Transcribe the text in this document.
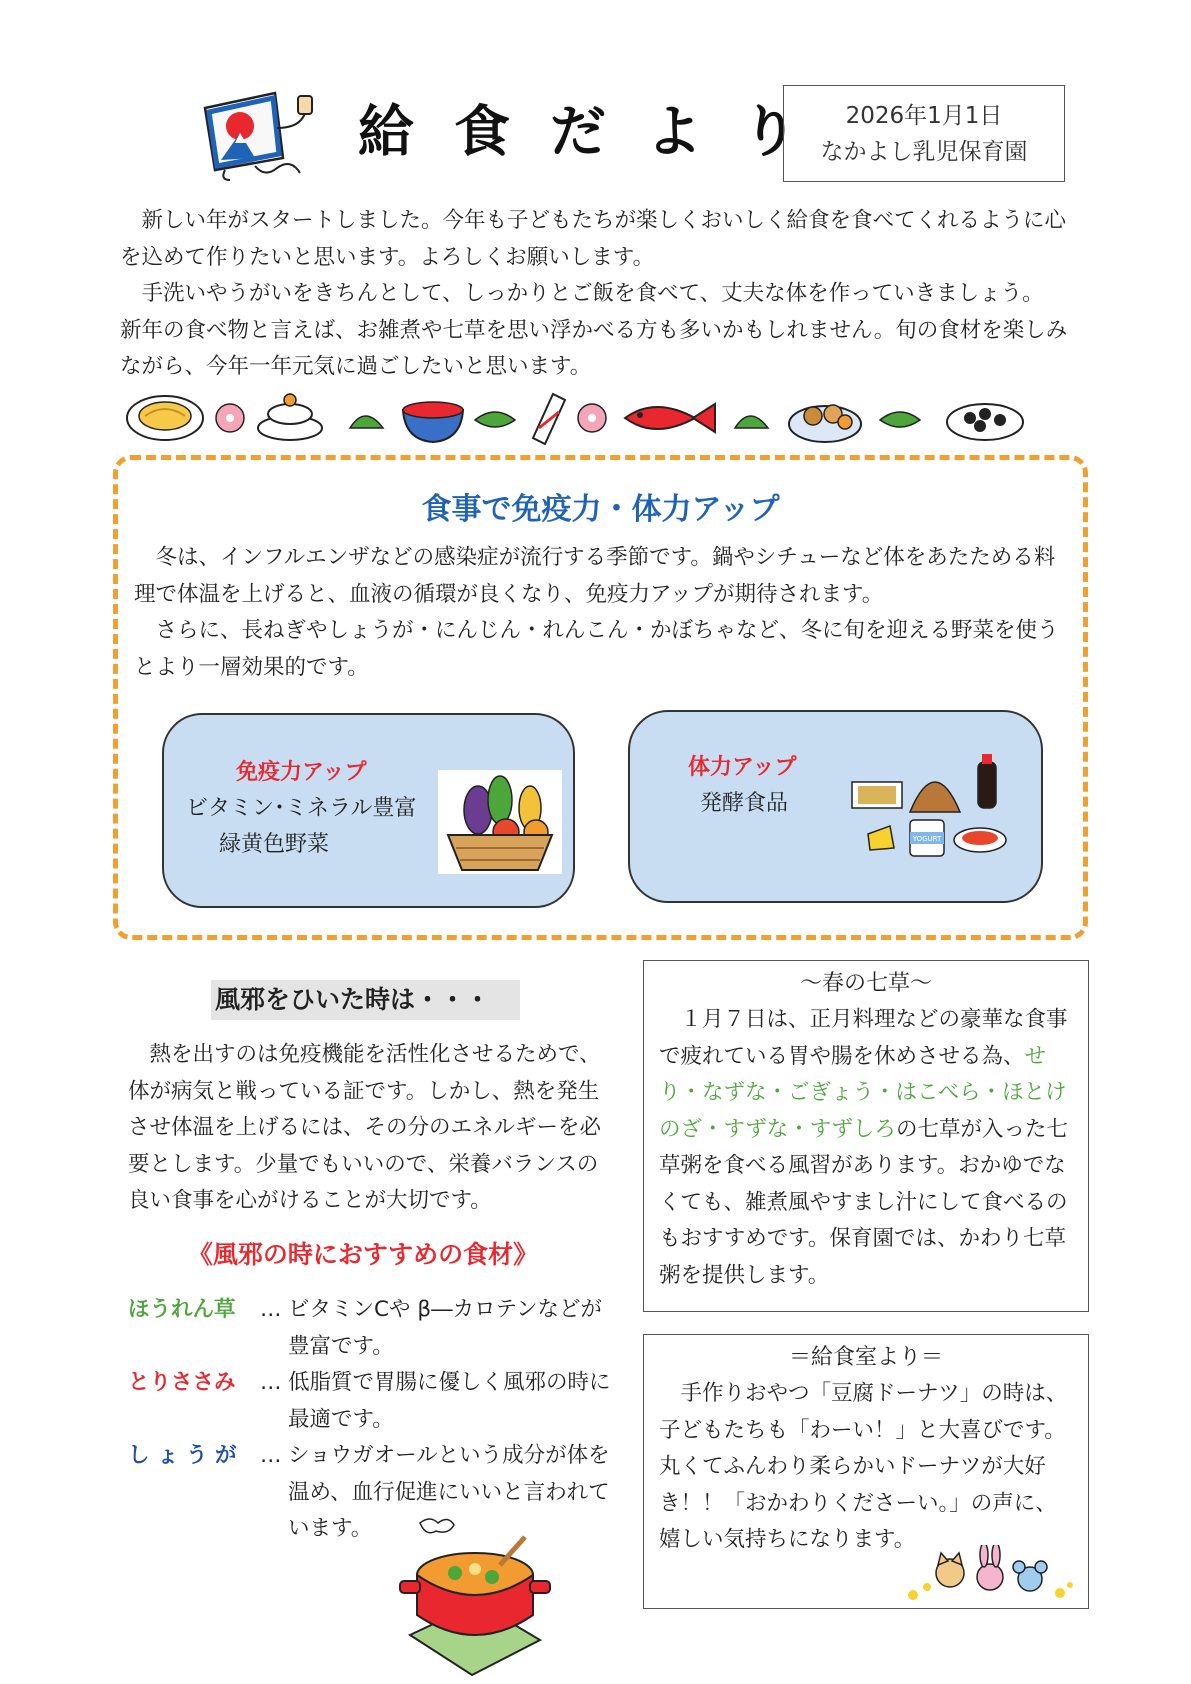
給食だより 2026年1月1日
なかよし乳児保育園

新しい年がスタートしました。今年も子どもたちが楽しくおいしく給食を食べてくれるように心を込めて作りたいと思います。よろしくお願いします。

手洗いやうがいをきちんとして、しっかりとご飯を食べて、丈夫な体を作っていきましょう。

新年の食べ物と言えば、お雑煮や七草を思い浮かべる方も多いかもしれません。旬の食材を楽しみながら、今年一年元気に過ごしたいと思います。

食事で免疫力・体力アップ

冬は、インフルエンザなどの感染症が流行する季節です。鍋やシチューなど体をあたためる料理で体温を上げると、血液の循環が良くなり、免疫力アップが期待されます。

さらに、長ねぎやしょうが・にんじん・れんこん・かぼちゃなど、冬に旬を迎える野菜を使うとより一層効果的です。

免疫力アップ
ビタミン･ミネラル豊富
緑黄色野菜
体力アップ
発酵食品
YOGURT
風邪をひいた時は・・・

熱を出すのは免疫機能を活性化させるためで、体が病気と戦っている証です。しかし、熱を発生させ体温を上げるには、その分のエネルギーを必要とします。少量でもいいので、栄養バランスの良い食事を心がけることが大切です。

《風邪の時におすすめの食材》
ほうれん草	… ビタミンCや β―カロテンなどが豊富です。
とりささみ	… 低脂質で胃腸に優しく風邪の時に最適です。
し ょ う が	… ショウガオールという成分が体を温め、血行促進にいいと言われています。
～春の七草～

１月７日は、正月料理などの豪華な食事で疲れている胃や腸を休めさせる為、せり・なずな・ごぎょう・はこべら・ほとけのざ・すずな・すずしろの七草が入った七草粥を食べる風習があります。おかゆでなくても、雑煮風やすまし汁にして食べるのもおすすめです。保育園では、かわり七草粥を提供します。

＝給食室より＝

手作りおやつ「豆腐ドーナツ」の時は、子どもたちも「わーい！」と大喜びです。丸くてふんわり柔らかいドーナツが大好き！！「おかわりくださーい。」の声に、嬉しい気持ちになります。
